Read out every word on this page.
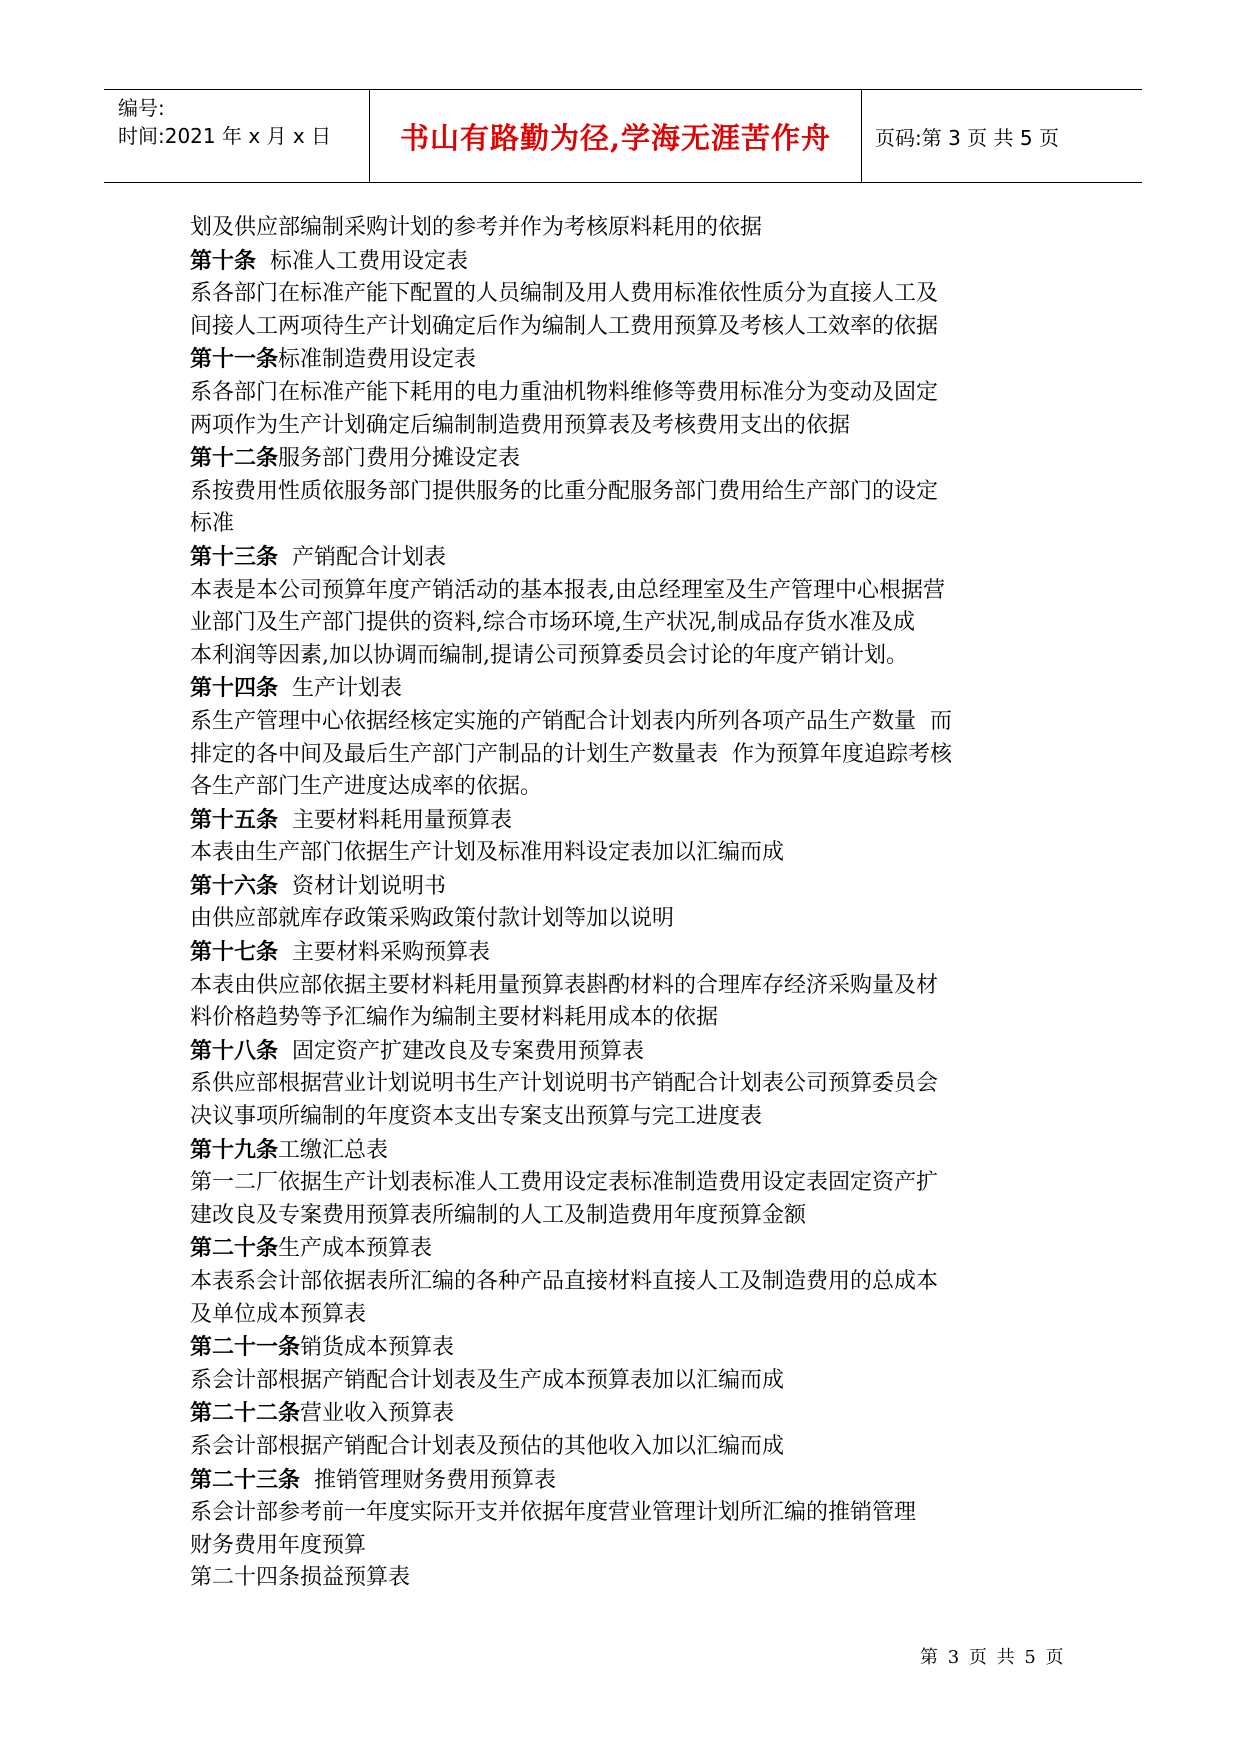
编号:
时间:2021 年 x 月 x 日	书山有路勤为径,学海无涯苦作舟	页码:第 3 页 共 5 页

划及供应部编制采购计划的参考并作为考核原料耗用的依据

第十条  标准人工费用设定表

系各部门在标准产能下配置的人员编制及用人费用标准依性质分为直接人工及

间接人工两项待生产计划确定后作为编制人工费用预算及考核人工效率的依据

第十一条标准制造费用设定表

系各部门在标准产能下耗用的电力重油机物料维修等费用标准分为变动及固定

两项作为生产计划确定后编制制造费用预算表及考核费用支出的依据

第十二条服务部门费用分摊设定表

系按费用性质依服务部门提供服务的比重分配服务部门费用给生产部门的设定

标准

第十三条  产销配合计划表

本表是本公司预算年度产销活动的基本报表,由总经理室及生产管理中心根据营

业部门及生产部门提供的资料,综合市场环境,生产状况,制成品存货水准及成

本利润等因素,加以协调而编制,提请公司预算委员会讨论的年度产销计划。

第十四条  生产计划表

系生产管理中心依据经核定实施的产销配合计划表内所列各项产品生产数量  而

排定的各中间及最后生产部门产制品的计划生产数量表  作为预算年度追踪考核

各生产部门生产进度达成率的依据。

第十五条  主要材料耗用量预算表

本表由生产部门依据生产计划及标准用料设定表加以汇编而成

第十六条  资材计划说明书

由供应部就库存政策采购政策付款计划等加以说明

第十七条  主要材料采购预算表

本表由供应部依据主要材料耗用量预算表斟酌材料的合理库存经济采购量及材

料价格趋势等予汇编作为编制主要材料耗用成本的依据

第十八条  固定资产扩建改良及专案费用预算表

系供应部根据营业计划说明书生产计划说明书产销配合计划表公司预算委员会

决议事项所编制的年度资本支出专案支出预算与完工进度表

第十九条工缴汇总表

第一二厂依据生产计划表标准人工费用设定表标准制造费用设定表固定资产扩

建改良及专案费用预算表所编制的人工及制造费用年度预算金额

第二十条生产成本预算表

本表系会计部依据表所汇编的各种产品直接材料直接人工及制造费用的总成本

及单位成本预算表

第二十一条销货成本预算表

系会计部根据产销配合计划表及生产成本预算表加以汇编而成

第二十二条营业收入预算表

系会计部根据产销配合计划表及预估的其他收入加以汇编而成

第二十三条  推销管理财务费用预算表

系会计部参考前一年度实际开支并依据年度营业管理计划所汇编的推销管理

财务费用年度预算

第二十四条损益预算表

第 3 页 共 5 页
